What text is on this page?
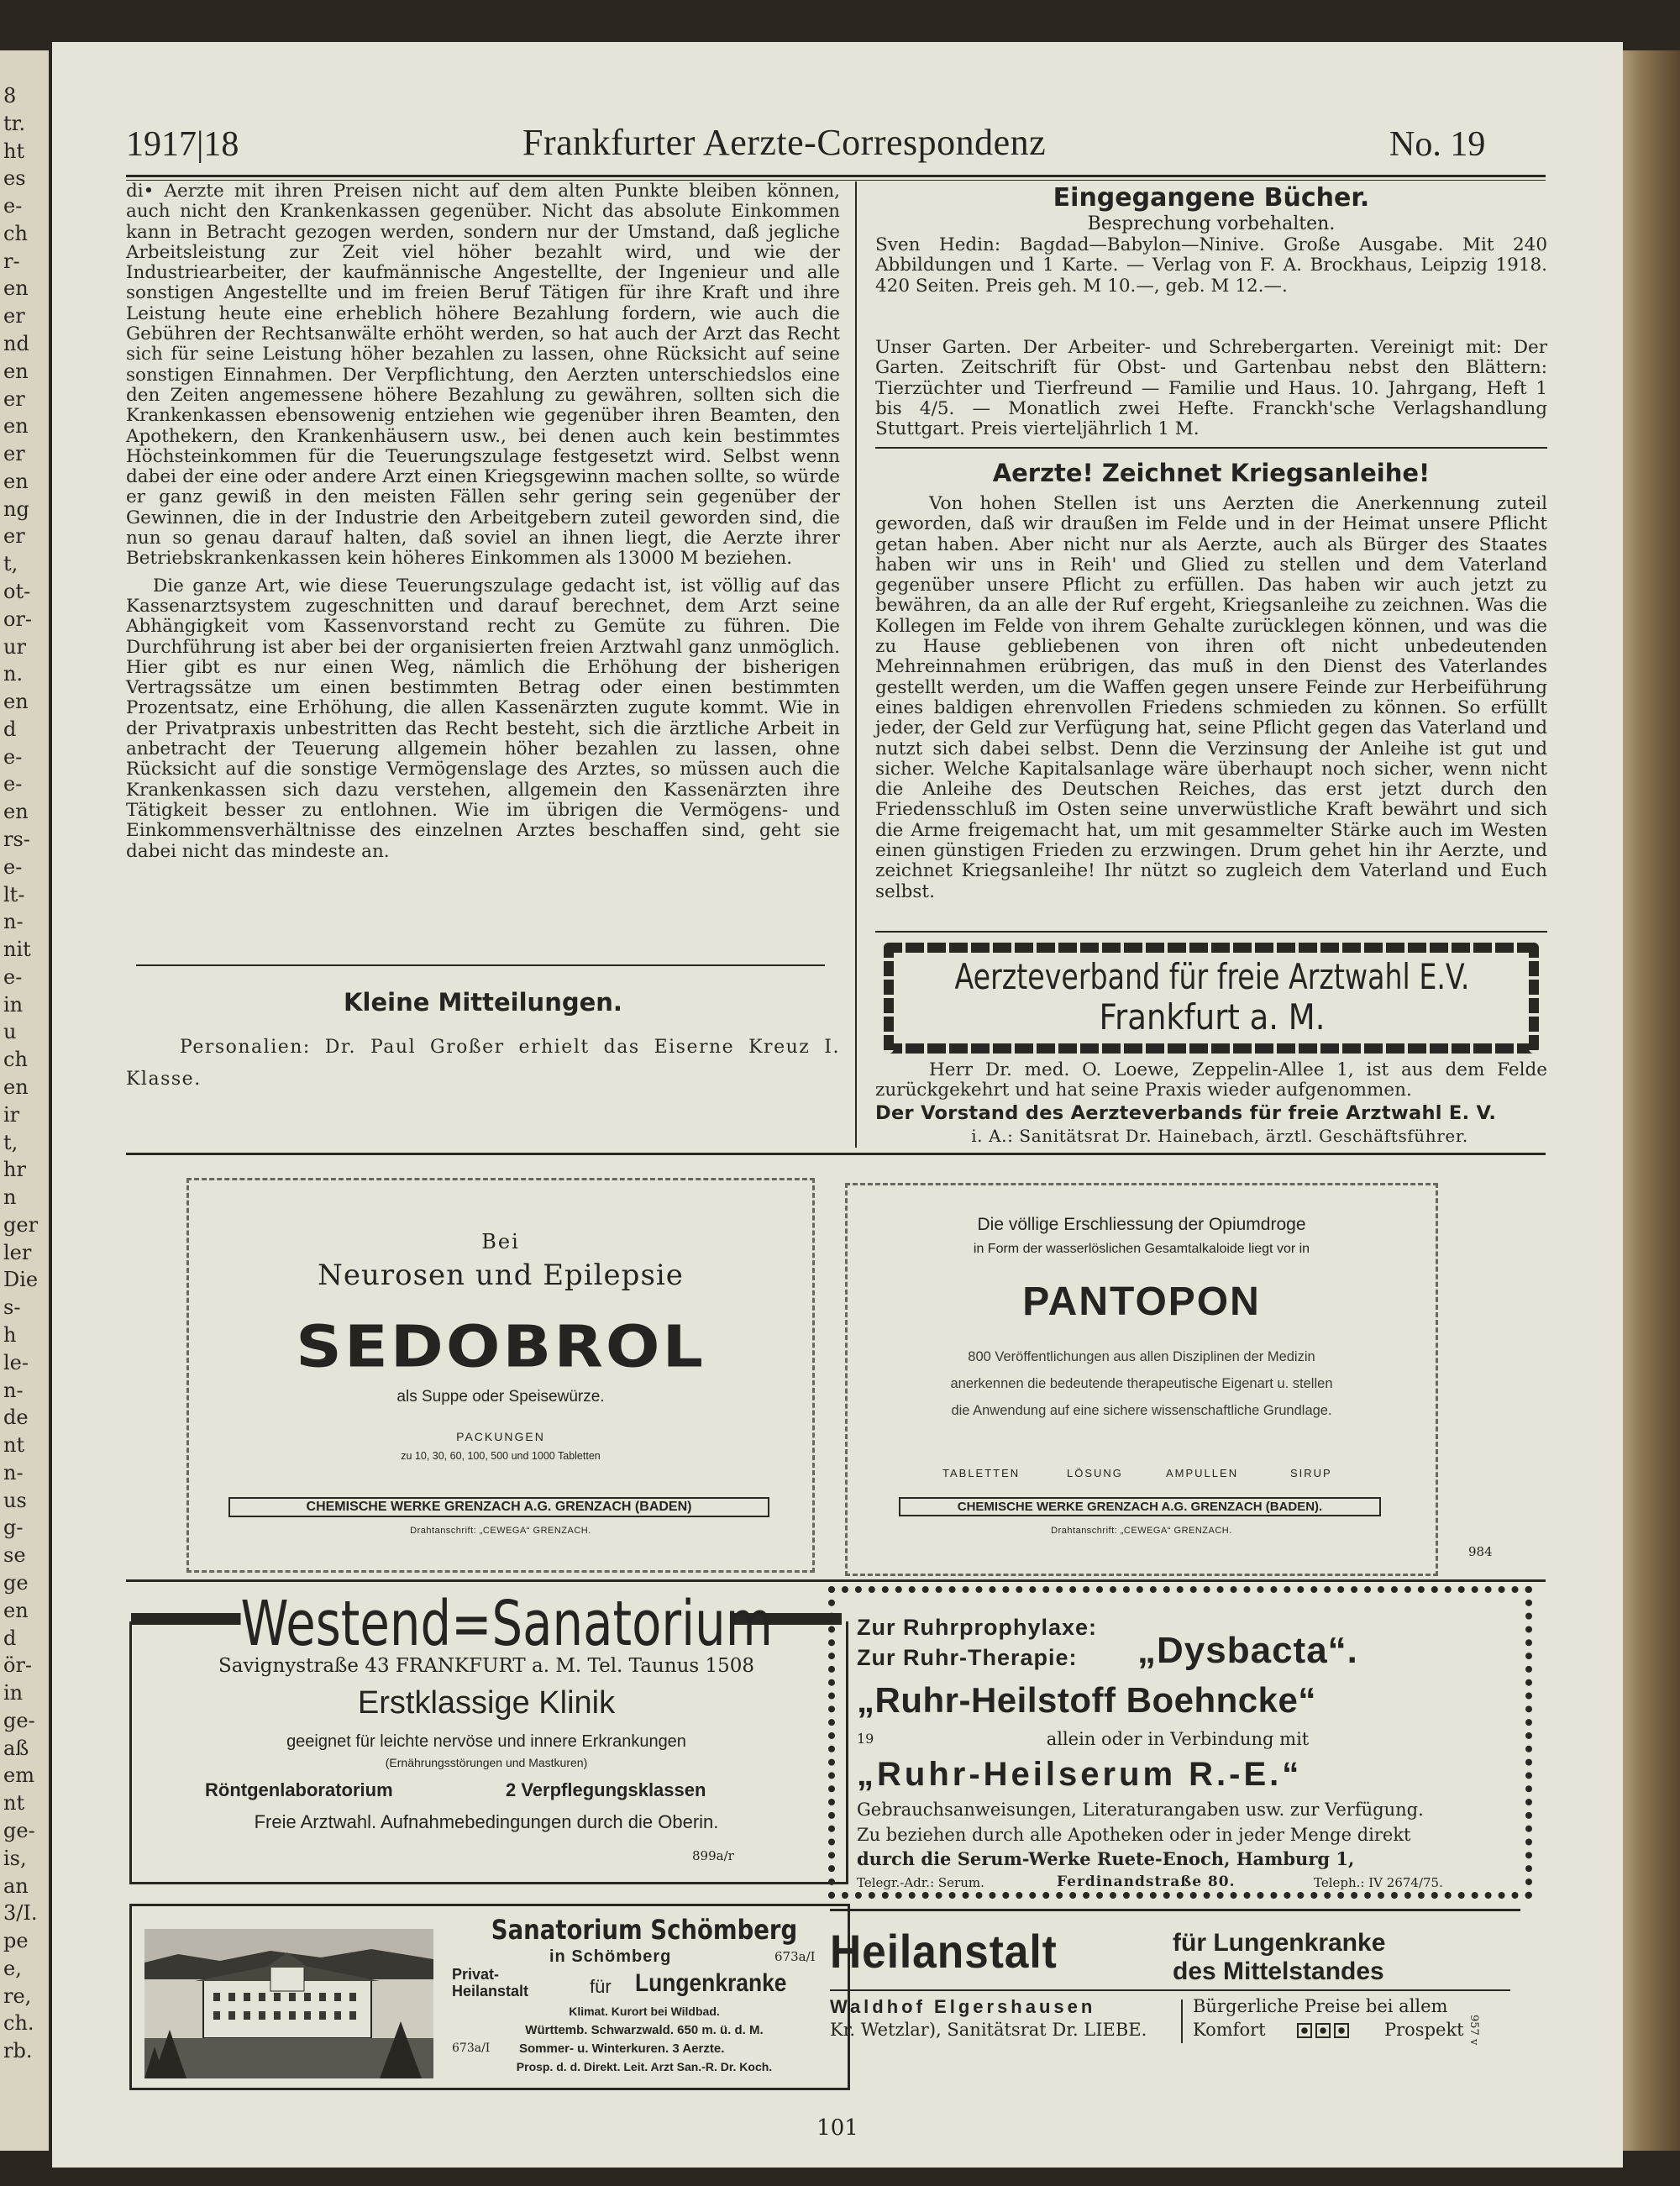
8
tr.
ht
es
e-
ch
r-
en
er
nd
en
er
en
er
en
ng
er
t,
ot-
or-
ur
n.
en
d
e-
e-
en
rs-
e-
lt-
n-
nit
e-
in
u
ch
en
ir
t,
hr
n
ger
ler
Die
s-
h
le-
n-
de
nt
n-
us
g-
se
ge
en
d
ör-
in
ge-
aß
em
nt
ge-
is,
an
3/I.
pe
e,
re,
ch.
rb.
1917|18	Frankfurter Aerzte-Correspondenz	No. 19

di• Aerzte mit ihren Preisen nicht auf dem alten Punkte bleiben können, auch nicht den Krankenkassen gegenüber. Nicht das absolute Einkommen kann in Betracht gezogen werden, sondern nur der Umstand, daß jegliche Arbeitsleistung zur Zeit viel höher bezahlt wird, und wie der Industriearbeiter, der kaufmännische Angestellte, der Ingenieur und alle sonstigen Angestellte und im freien Beruf Tätigen für ihre Kraft und ihre Leistung heute eine erheblich höhere Bezahlung fordern, wie auch die Gebühren der Rechtsanwälte erhöht werden, so hat auch der Arzt das Recht sich für seine Leistung höher bezahlen zu lassen, ohne Rücksicht auf seine sonstigen Einnahmen. Der Verpflichtung, den Aerzten unterschiedslos eine den Zeiten angemessene höhere Bezahlung zu gewähren, sollten sich die Krankenkassen ebensowenig entziehen wie gegenüber ihren Beamten, den Apothekern, den Krankenhäusern usw., bei denen auch kein bestimmtes Höchsteinkommen für die Teuerungszulage festgesetzt wird. Selbst wenn dabei der eine oder andere Arzt einen Kriegsgewinn machen sollte, so würde er ganz gewiß in den meisten Fällen sehr gering sein gegenüber der Gewinnen, die in der Industrie den Arbeitgebern zuteil geworden sind, die nun so genau darauf halten, daß soviel an ihnen liegt, die Aerzte ihrer Betriebskrankenkassen kein höheres Einkommen als 13000 M beziehen.

Die ganze Art, wie diese Teuerungszulage gedacht ist, ist völlig auf das Kassenarztsystem zugeschnitten und darauf berechnet, dem Arzt seine Abhängigkeit vom Kassenvorstand recht zu Gemüte zu führen. Die Durchführung ist aber bei der organisierten freien Arztwahl ganz unmöglich. Hier gibt es nur einen Weg, nämlich die Erhöhung der bisherigen Vertragssätze um einen bestimmten Betrag oder einen bestimmten Prozentsatz, eine Erhöhung, die allen Kassenärzten zugute kommt. Wie in der Privatpraxis unbestritten das Recht besteht, sich die ärztliche Arbeit in anbetracht der Teuerung allgemein höher bezahlen zu lassen, ohne Rücksicht auf die sonstige Vermögenslage des Arztes, so müssen auch die Krankenkassen sich dazu verstehen, allgemein den Kassenärzten ihre Tätigkeit besser zu entlohnen. Wie im übrigen die Vermögens- und Einkommensverhältnisse des einzelnen Arztes beschaffen sind, geht sie dabei nicht das mindeste an.

Kleine Mitteilungen.
Personalien: Dr. Paul Großer erhielt das Eiserne Kreuz I. Klasse.
Eingegangene Bücher.
Besprechung vorbehalten.
Sven Hedin: Bagdad—Babylon—Ninive. Große Ausgabe. Mit 240 Abbildungen und 1 Karte. — Verlag von F. A. Brockhaus, Leipzig 1918. 420 Seiten. Preis geh. M 10.—, geb. M 12.—.
Unser Garten. Der Arbeiter- und Schrebergarten. Vereinigt mit: Der Garten. Zeitschrift für Obst- und Gartenbau nebst den Blättern: Tierzüchter und Tierfreund — Familie und Haus. 10. Jahrgang, Heft 1 bis 4/5. — Monatlich zwei Hefte. Franckh'sche Verlagshandlung Stuttgart. Preis vierteljährlich 1 M.
Aerzte! Zeichnet Kriegsanleihe!
Von hohen Stellen ist uns Aerzten die Anerkennung zuteil geworden, daß wir draußen im Felde und in der Heimat unsere Pflicht getan haben. Aber nicht nur als Aerzte, auch als Bürger des Staates haben wir uns in Reih' und Glied zu stellen und dem Vaterland gegenüber unsere Pflicht zu erfüllen. Das haben wir auch jetzt zu bewähren, da an alle der Ruf ergeht, Kriegsanleihe zu zeichnen. Was die Kollegen im Felde von ihrem Gehalte zurücklegen können, und was die zu Hause gebliebenen von ihren oft nicht unbedeutenden Mehreinnahmen erübrigen, das muß in den Dienst des Vaterlandes gestellt werden, um die Waffen gegen unsere Feinde zur Herbeiführung eines baldigen ehrenvollen Friedens schmieden zu können. So erfüllt jeder, der Geld zur Verfügung hat, seine Pflicht gegen das Vaterland und nutzt sich dabei selbst. Denn die Verzinsung der Anleihe ist gut und sicher. Welche Kapitalsanlage wäre überhaupt noch sicher, wenn nicht die Anleihe des Deutschen Reiches, das erst jetzt durch den Friedensschluß im Osten seine unverwüstliche Kraft bewährt und sich die Arme freigemacht hat, um mit gesammelter Stärke auch im Westen einen günstigen Frieden zu erzwingen. Drum gehet hin ihr Aerzte, und zeichnet Kriegsanleihe! Ihr nützt so zugleich dem Vaterland und Euch selbst.
Aerzteverband für freie Arztwahl E.V.
Frankfurt a. M.
Herr Dr. med. O. Loewe, Zeppelin-Allee 1, ist aus dem Felde zurückgekehrt und hat seine Praxis wieder aufgenommen.
Der Vorstand des Aerzteverbands für freie Arztwahl E. V.
i. A.: Sanitätsrat Dr. Hainebach, ärztl. Geschäftsführer.
Bei
Neurosen und Epilepsie
SEDOBROL
als Suppe oder Speisewürze.
PACKUNGEN
zu 10, 30, 60, 100, 500 und 1000 Tabletten
CHEMISCHE WERKE GRENZACH A.G. GRENZACH (BADEN)
Drahtanschrift: „CEWEGA“ GRENZACH.
Die völlige Erschliessung der Opiumdroge
in Form der wasserlöslichen Gesamtalkaloide liegt vor in
PANTOPON
800 Veröffentlichungen aus allen Disziplinen der Medizin
anerkennen die bedeutende therapeutische Eigenart u. stellen
die Anwendung auf eine sichere wissenschaftliche Grundlage.
TABLETTEN	LÖSUNG	AMPULLEN	SIRUP
CHEMISCHE WERKE GRENZACH A.G. GRENZACH (BADEN).
Drahtanschrift: „CEWEGA“ GRENZACH.
984
Westend=Sanatorium
Savignystraße 43 FRANKFURT a. M. Tel. Taunus 1508
Erstklassige Klinik
geeignet für leichte nervöse und innere Erkrankungen
(Ernährungsstörungen und Mastkuren)
Röntgenlaboratorium	2 Verpflegungsklassen
Freie Arztwahl. Aufnahmebedingungen durch die Oberin.
899a/r
Zur Ruhrprophylaxe:
Zur Ruhr-Therapie: „Dysbacta“.
„Ruhr-Heilstoff Boehncke“
19	allein oder in Verbindung mit
„Ruhr-Heilserum R.-E.“
Gebrauchsanweisungen, Literaturangaben usw. zur Verfügung.
Zu beziehen durch alle Apotheken oder in jeder Menge direkt
durch die Serum-Werke Ruete-Enoch, Hamburg 1,
Telegr.-Adr.: Serum.	Ferdinandstraße 80.	Teleph.: IV 2674/75.
Sanatorium Schömberg
in Schömberg	673a/I
Privat-
Heilanstalt	für Lungenkranke
Klimat. Kurort bei Wildbad.
Württemb. Schwarzwald. 650 m. ü. d. M.
673a/I Sommer- u. Winterkuren. 3 Aerzte.
Prosp. d. d. Direkt. Leit. Arzt San.-R. Dr. Koch.
Heilanstalt	für Lungenkranke
des Mittelstandes
Waldhof Elgershausen
Kr. Wetzlar), Sanitätsrat Dr. LIEBE.
Bürgerliche Preise bei allem
Komfort	Prospekt 957 v
101
